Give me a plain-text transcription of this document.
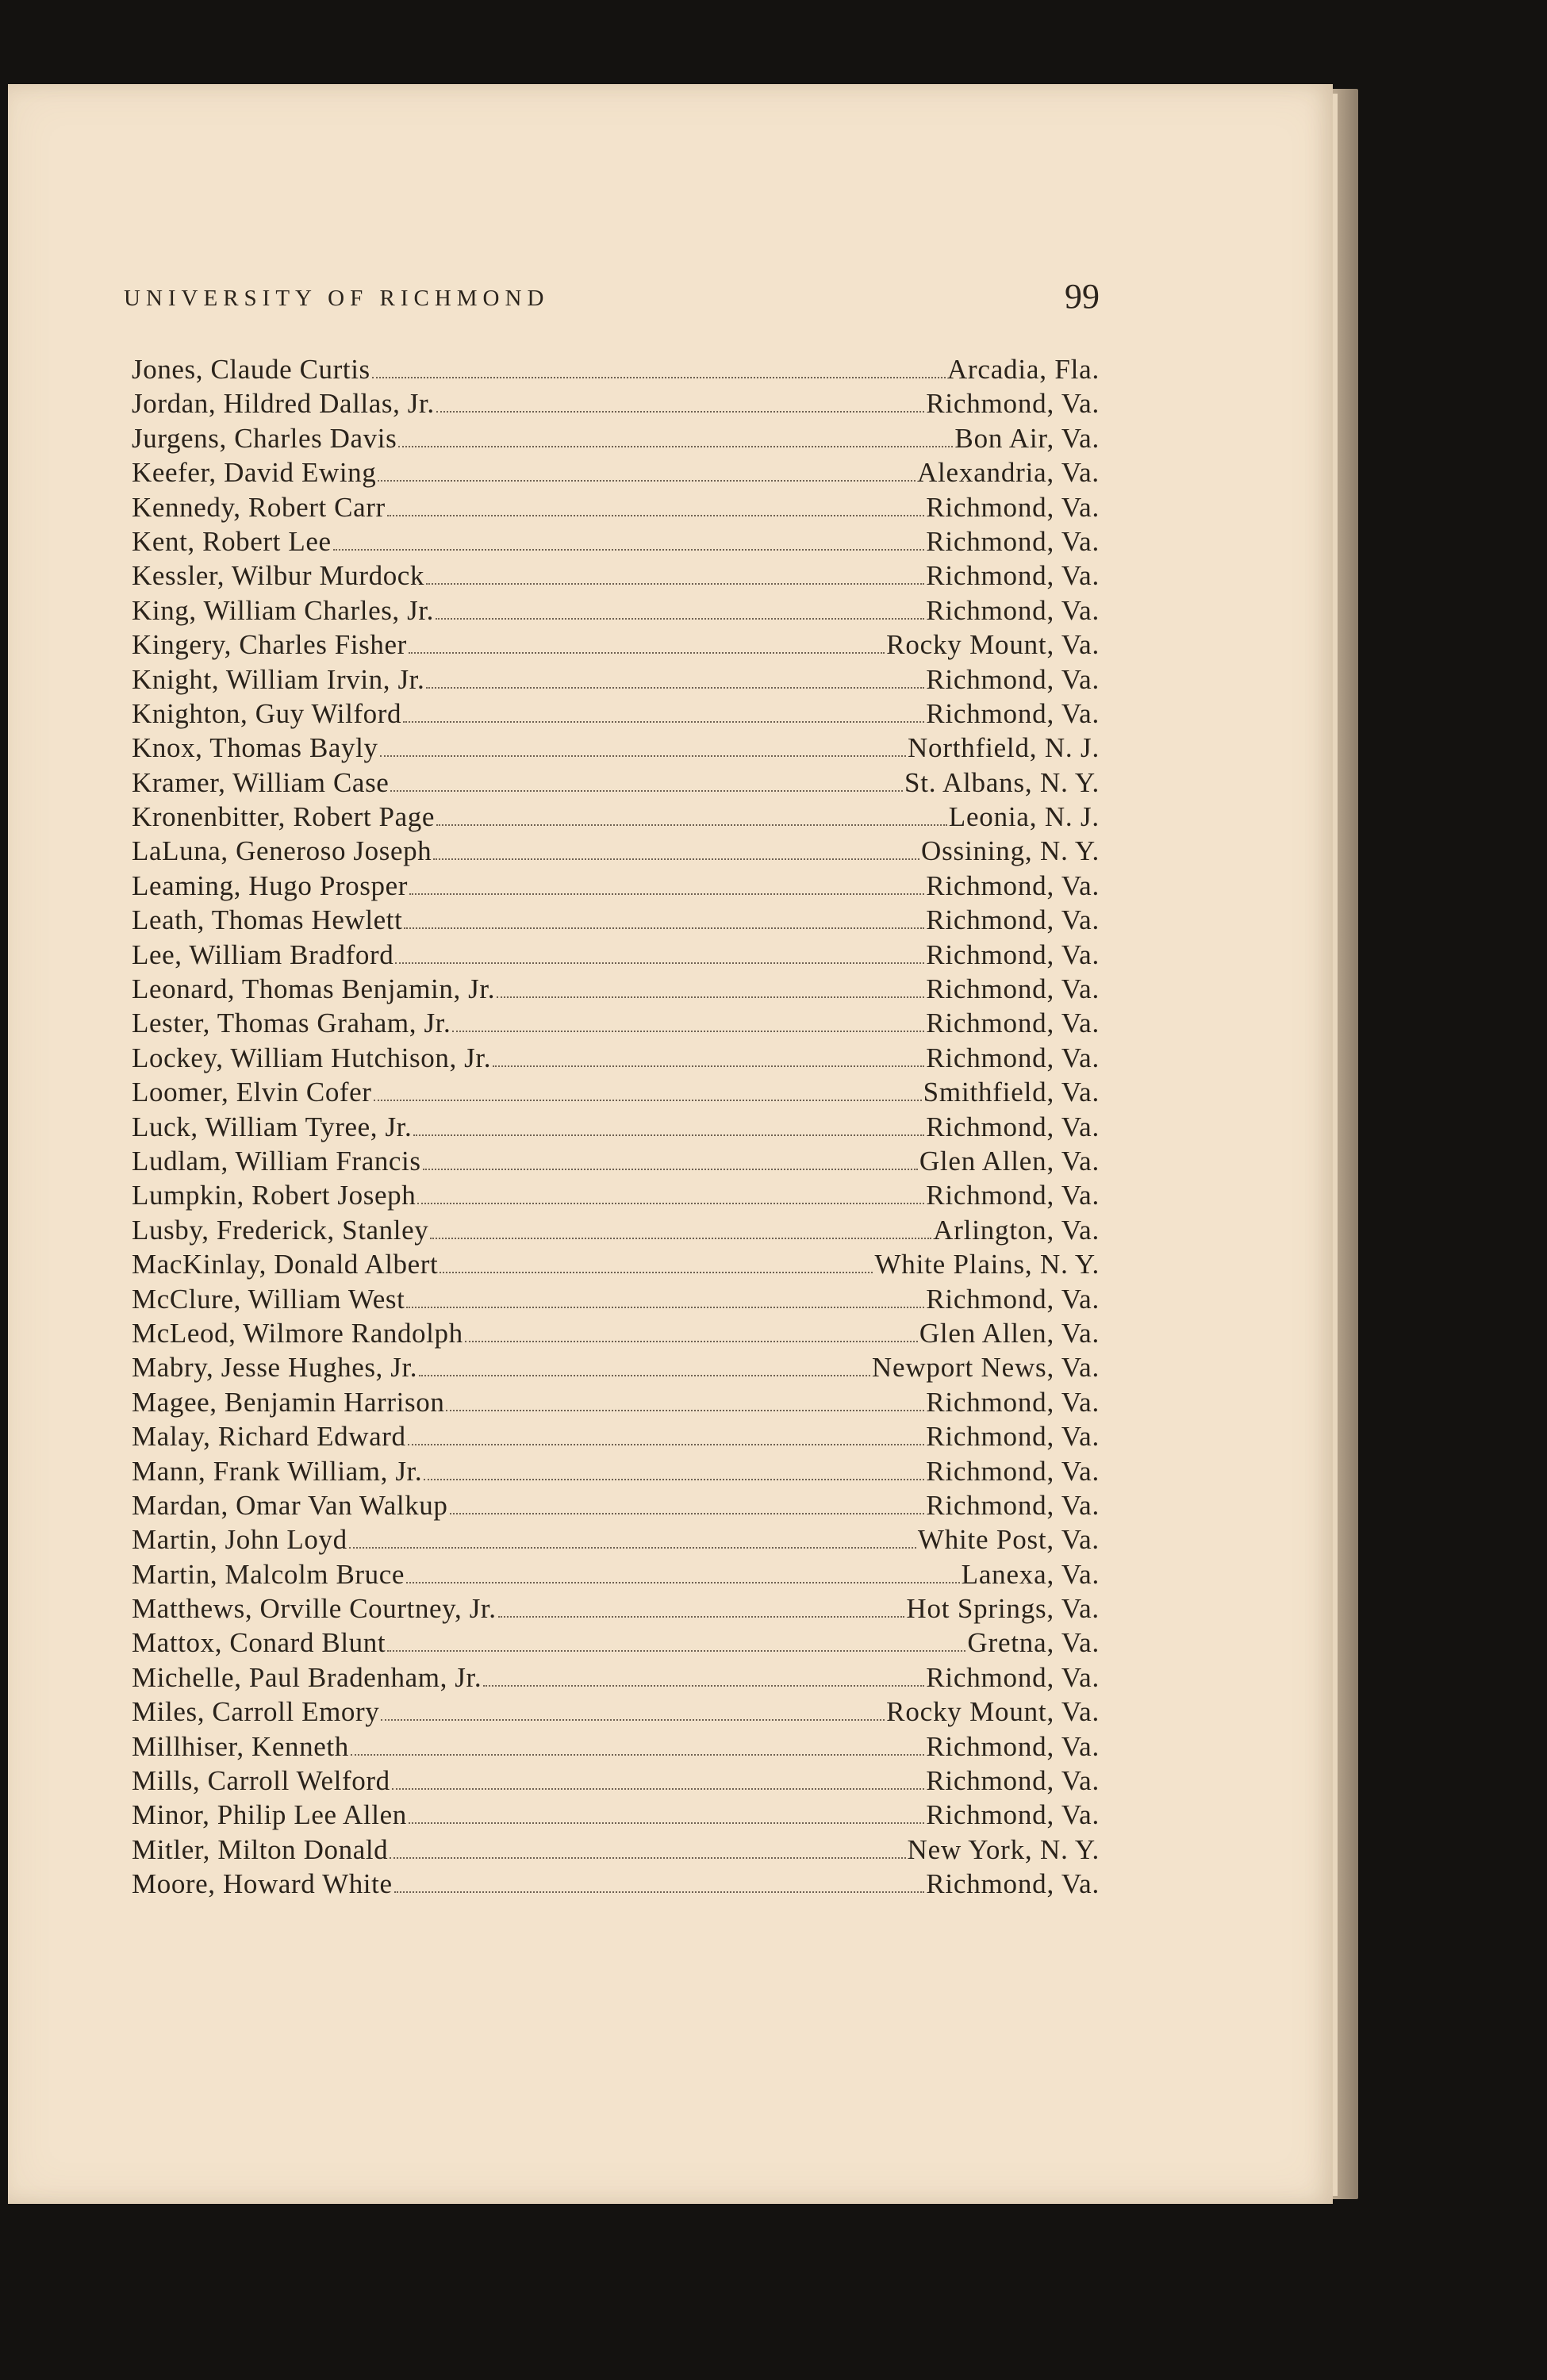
UNIVERSITY OF RICHMOND	99
Jones, Claude Curtis	Arcadia, Fla.
Jordan, Hildred Dallas, Jr.	Richmond, Va.
Jurgens, Charles Davis	Bon Air, Va.
Keefer, David Ewing	Alexandria, Va.
Kennedy, Robert Carr	Richmond, Va.
Kent, Robert Lee	Richmond, Va.
Kessler, Wilbur Murdock	Richmond, Va.
King, William Charles, Jr.	Richmond, Va.
Kingery, Charles Fisher	Rocky Mount, Va.
Knight, William Irvin, Jr.	Richmond, Va.
Knighton, Guy Wilford	Richmond, Va.
Knox, Thomas Bayly	Northfield, N. J.
Kramer, William Case	St. Albans, N. Y.
Kronenbitter, Robert Page	Leonia, N. J.
LaLuna, Generoso Joseph	Ossining, N. Y.
Leaming, Hugo Prosper	Richmond, Va.
Leath, Thomas Hewlett	Richmond, Va.
Lee, William Bradford	Richmond, Va.
Leonard, Thomas Benjamin, Jr.	Richmond, Va.
Lester, Thomas Graham, Jr.	Richmond, Va.
Lockey, William Hutchison, Jr.	Richmond, Va.
Loomer, Elvin Cofer	Smithfield, Va.
Luck, William Tyree, Jr.	Richmond, Va.
Ludlam, William Francis	Glen Allen, Va.
Lumpkin, Robert Joseph	Richmond, Va.
Lusby, Frederick, Stanley	Arlington, Va.
MacKinlay, Donald Albert	White Plains, N. Y.
McClure, William West	Richmond, Va.
McLeod, Wilmore Randolph	Glen Allen, Va.
Mabry, Jesse Hughes, Jr.	Newport News, Va.
Magee, Benjamin Harrison	Richmond, Va.
Malay, Richard Edward	Richmond, Va.
Mann, Frank William, Jr.	Richmond, Va.
Mardan, Omar Van Walkup	Richmond, Va.
Martin, John Loyd	White Post, Va.
Martin, Malcolm Bruce	Lanexa, Va.
Matthews, Orville Courtney, Jr.	Hot Springs, Va.
Mattox, Conard Blunt	Gretna, Va.
Michelle, Paul Bradenham, Jr.	Richmond, Va.
Miles, Carroll Emory	Rocky Mount, Va.
Millhiser, Kenneth	Richmond, Va.
Mills, Carroll Welford	Richmond, Va.
Minor, Philip Lee Allen	Richmond, Va.
Mitler, Milton Donald	New York, N. Y.
Moore, Howard White	Richmond, Va.
